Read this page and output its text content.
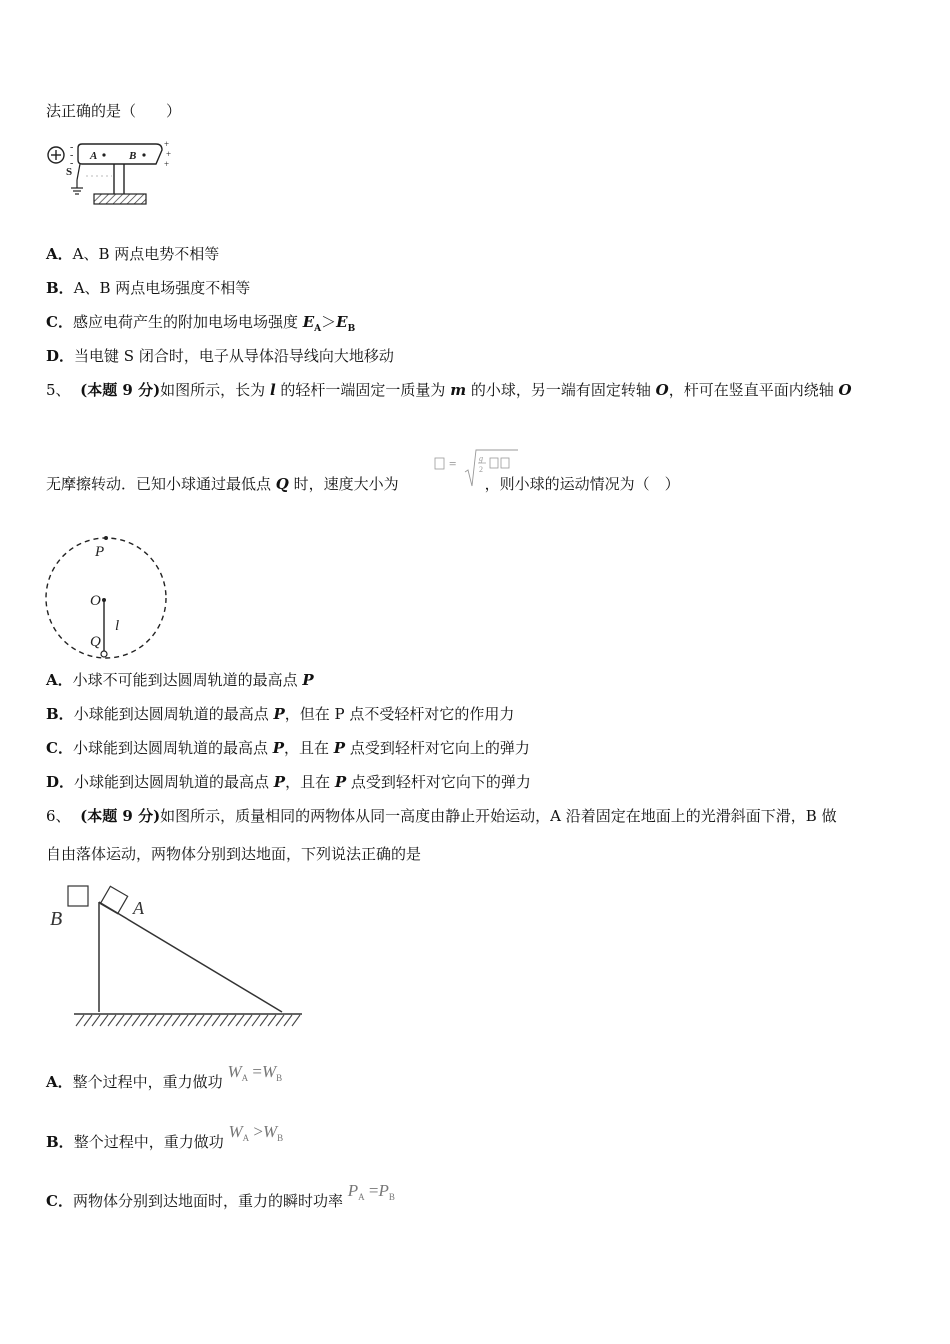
法正确的是（　　）
-
-
-
A	B
+
+
+
S
A．A、B 两点电势不相等
B．A、B 两点电场强度不相等
C．感应电荷产生的附加电场电场强度 $E_A>E_B$
D．当电键 S 闭合时，电子从导体沿导线向大地移动
5、 (本题 9 分)如图所示，长为 l 的轻杆一端固定一质量为 m 的小球，另一端有固定转轴 O，杆可在竖直平面内绕轴 O
无摩擦转动．已知小球通过最低点 Q 时，速度大小为	，则小球的运动情况为（　）
=	g
2
P
O
Q
l
A．小球不可能到达圆周轨道的最高点 P
B．小球能到达圆周轨道的最高点 P，但在 P 点不受轻杆对它的作用力
C．小球能到达圆周轨道的最高点 P，且在 P 点受到轻杆对它向上的弹力
D．小球能到达圆周轨道的最高点 P，且在 P 点受到轻杆对它向下的弹力
6、 (本题 9 分)如图所示，质量相同的两物体从同一高度由静止开始运动，A 沿着固定在地面上的光滑斜面下滑，B 做
自由落体运动，两物体分别到达地面，下列说法正确的是
B	A
A．整个过程中，重力做功 $W_A =W_B$
B．整个过程中，重力做功 $W_A >W_B$
C．两物体分别到达地面时，重力的瞬时功率 $P_A =P_B$
